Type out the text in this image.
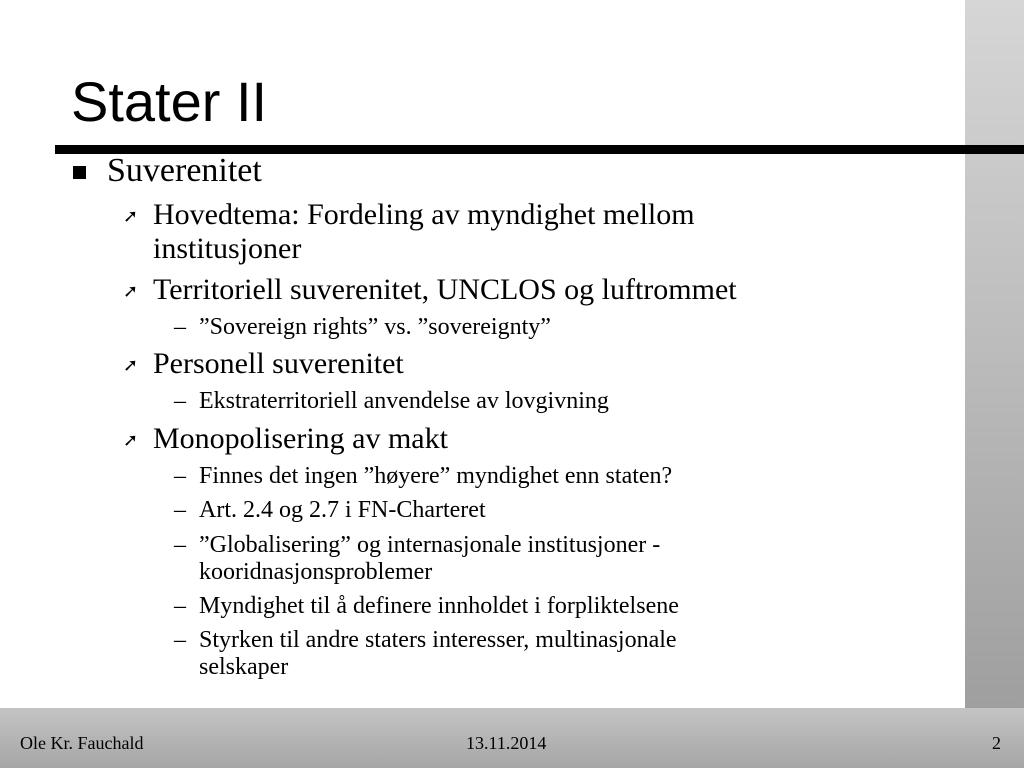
Stater II
Suverenitet
➚ Hovedtema: Fordeling av myndighet mellom
institusjoner
➚ Territoriell suverenitet, UNCLOS og luftrommet
– ”Sovereign rights” vs. ”sovereignty”
➚ Personell suverenitet
– Ekstraterritoriell anvendelse av lovgivning
➚ Monopolisering av makt
– Finnes det ingen ”høyere” myndighet enn staten?
– Art. 2.4 og 2.7 i FN-Charteret
– ”Globalisering” og internasjonale institusjoner -
kooridnasjonsproblemer
– Myndighet til å definere innholdet i forpliktelsene
– Styrken til andre staters interesser, multinasjonale
selskaper
Ole Kr. Fauchald	13.11.2014	2
